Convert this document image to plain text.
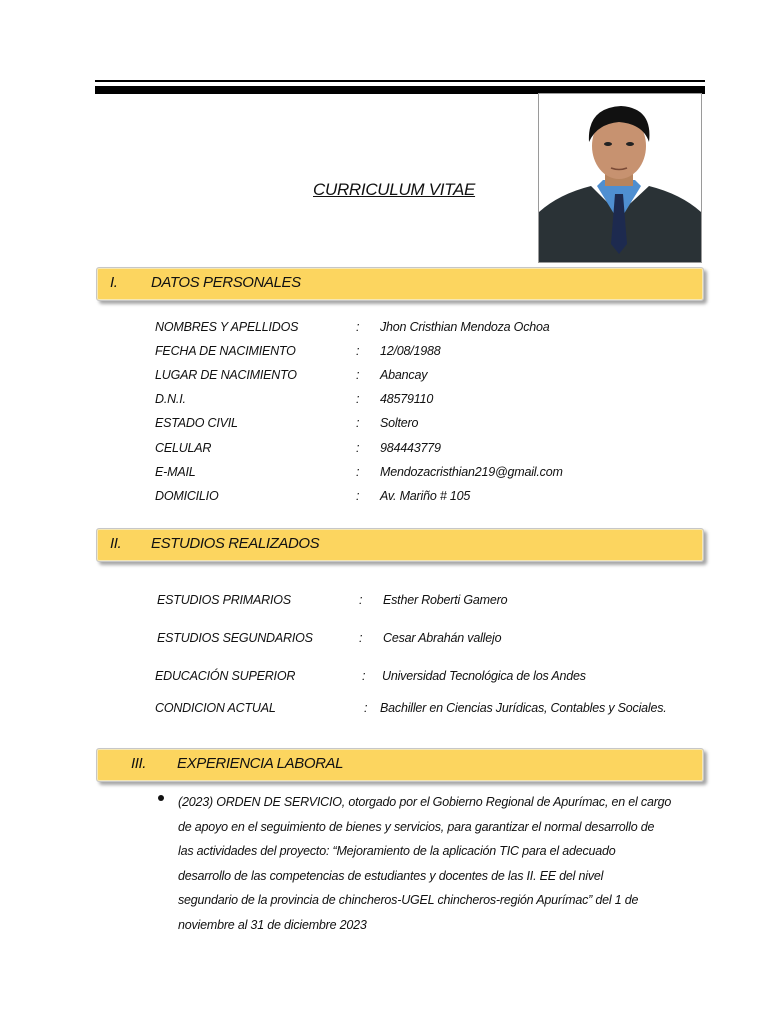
CURRICULUM VITAE
I. DATOS PERSONALES
NOMBRES Y APELLIDOS	: Jhon Cristhian Mendoza Ochoa
FECHA DE NACIMIENTO	: 12/08/1988
LUGAR DE NACIMIENTO	: Abancay
D.N.I.	: 48579110
ESTADO CIVIL	: Soltero
CELULAR	: 984443779
E-MAIL	: Mendozacristhian219@gmail.com
DOMICILIO	: Av. Mariño # 105
II. ESTUDIOS REALIZADOS
ESTUDIOS PRIMARIOS	: Esther Roberti Gamero
ESTUDIOS SEGUNDARIOS	: Cesar Abrahán vallejo
EDUCACIÓN SUPERIOR	: Universidad Tecnológica de los Andes
CONDICION ACTUAL	: Bachiller en Ciencias Jurídicas, Contables y Sociales.
III. EXPERIENCIA LABORAL
(2023) ORDEN DE SERVICIO, otorgado por el Gobierno Regional de Apurímac, en el cargo
de apoyo en el seguimiento de bienes y servicios, para garantizar el normal desarrollo de
las actividades del proyecto: “Mejoramiento de la aplicación TIC para el adecuado
desarrollo de las competencias de estudiantes y docentes de las II. EE del nivel
segundario de la provincia de chincheros-UGEL chincheros-región Apurímac” del 1 de
noviembre al 31 de diciembre 2023
